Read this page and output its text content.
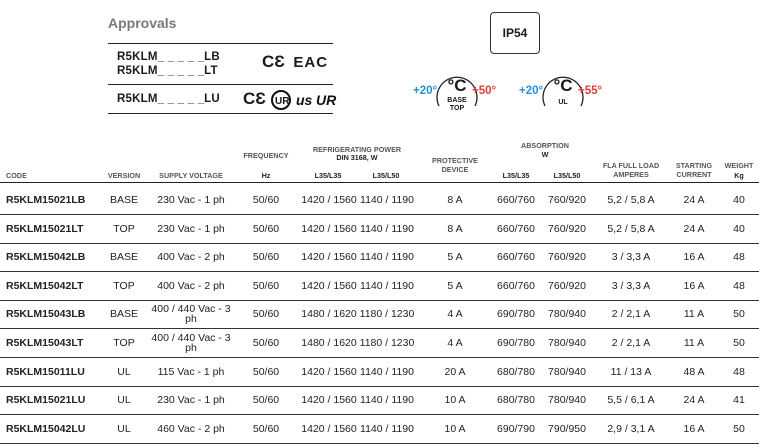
Approvals
R5KLM_ _ _ _ _LB
R5KLM_ _ _ _ _LT	CƐ EAC
R5KLM_ _ _ _ _LU CƐ UR us UR
IP54
+20° °C +50°
BASE
TOP
+20° °C +55°
UL
CODE	VERSION	SUPPLY VOLTAGE
FREQUENCY
Hz
REFRIGERATING POWER
DIN 3168, W
L35/L35	L35/L50
PROTECTIVE DEVICE
ABSORPTION
W
L35/L35	L35/L50
FLA FULL LOAD AMPERES
STARTING CURRENT
WEIGHT
Kg
R5KLM15021LB	BASE	230 Vac - 1 ph	50/60	1420 / 1560 1140 / 1190	8 A	660/760	760/920	5,2 / 5,8 A	24 A	40
R5KLM15021LT	TOP	230 Vac - 1 ph	50/60	1420 / 1560 1140 / 1190	8 A	660/760	760/920	5,2 / 5,8 A	24 A	40
R5KLM15042LB	BASE	400 Vac - 2 ph	50/60	1420 / 1560 1140 / 1190	5 A	660/760	760/920	3 / 3,3 A	16 A	48
R5KLM15042LT	TOP	400 Vac - 2 ph	50/60	1420 / 1560 1140 / 1190	5 A	660/760	760/920	3 / 3,3 A	16 A	48
R5KLM15043LB	BASE	400 / 440 Vac - 3 ph	50/60	1480 / 1620 1180 / 1230	4 A	690/780	780/940	2 / 2,1 A	11 A	50
R5KLM15043LT	TOP	400 / 440 Vac - 3 ph	50/60	1480 / 1620 1180 / 1230	4 A	690/780	780/940	2 / 2,1 A	11 A	50
R5KLM15011LU	UL	115 Vac - 1 ph	50/60	1420 / 1560 1140 / 1190	20 A	680/780	780/940	11 / 13 A	48 A	48
R5KLM15021LU	UL	230 Vac - 1 ph	50/60	1420 / 1560 1140 / 1190	10 A	680/780	780/940	5,5 / 6,1 A	24 A	41
R5KLM15042LU	UL	460 Vac - 2 ph	50/60	1420 / 1560 1140 / 1190	10 A	690/790	790/950	2,9 / 3,1 A	16 A	50
